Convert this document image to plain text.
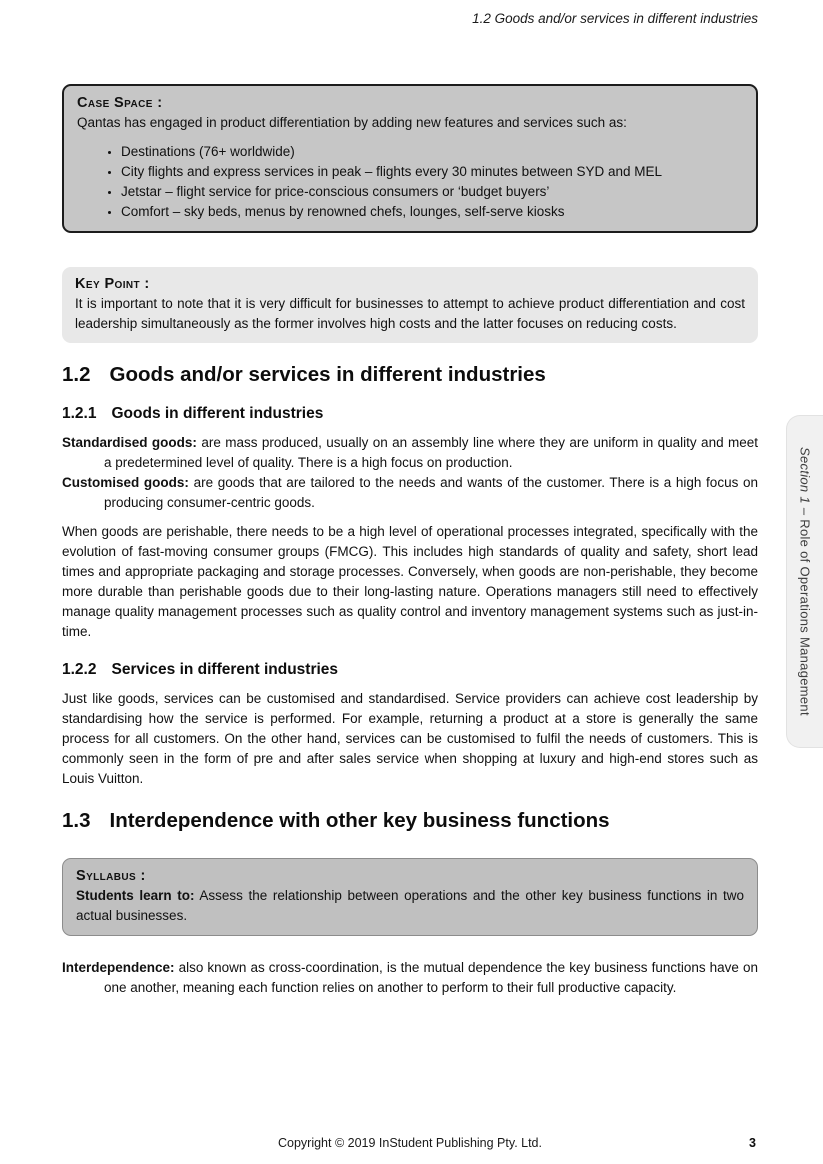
1.2 Goods and/or services in different industries
Case Space :
Qantas has engaged in product differentiation by adding new features and services such as:
• Destinations (76+ worldwide)
• City flights and express services in peak – flights every 30 minutes between SYD and MEL
• Jetstar – flight service for price-conscious consumers or ‘budget buyers’
• Comfort – sky beds, menus by renowned chefs, lounges, self-serve kiosks
Key Point :
It is important to note that it is very difficult for businesses to attempt to achieve product differentiation and cost leadership simultaneously as the former involves high costs and the latter focuses on reducing costs.
1.2 Goods and/or services in different industries
1.2.1 Goods in different industries

Standardised goods: are mass produced, usually on an assembly line where they are uniform in quality and meet a predetermined level of quality. There is a high focus on production.

Customised goods: are goods that are tailored to the needs and wants of the customer. There is a high focus on producing consumer-centric goods.

When goods are perishable, there needs to be a high level of operational processes integrated, specifically with the evolution of fast-moving consumer groups (FMCG). This includes high standards of quality and safety, short lead times and appropriate packaging and storage processes. Conversely, when goods are non-perishable, they become more durable than perishable goods due to their long-lasting nature. Operations managers still need to effectively manage quality management processes such as quality control and inventory management systems such as just-in-time.

1.2.2 Services in different industries

Just like goods, services can be customised and standardised. Service providers can achieve cost leadership by standardising how the service is performed. For example, returning a product at a store is generally the same process for all customers. On the other hand, services can be customised to fulfil the needs of customers. This is commonly seen in the form of pre and after sales service when shopping at luxury and high-end stores such as Louis Vuitton.

1.3 Interdependence with other key business functions
Syllabus :
Students learn to: Assess the relationship between operations and the other key business functions in two actual businesses.

Interdependence: also known as cross-coordination, is the mutual dependence the key business functions have on one another, meaning each function relies on another to perform to their full productive capacity.

Section 1 – Role of Operations Management
Copyright © 2019 InStudent Publishing Pty. Ltd.	3
